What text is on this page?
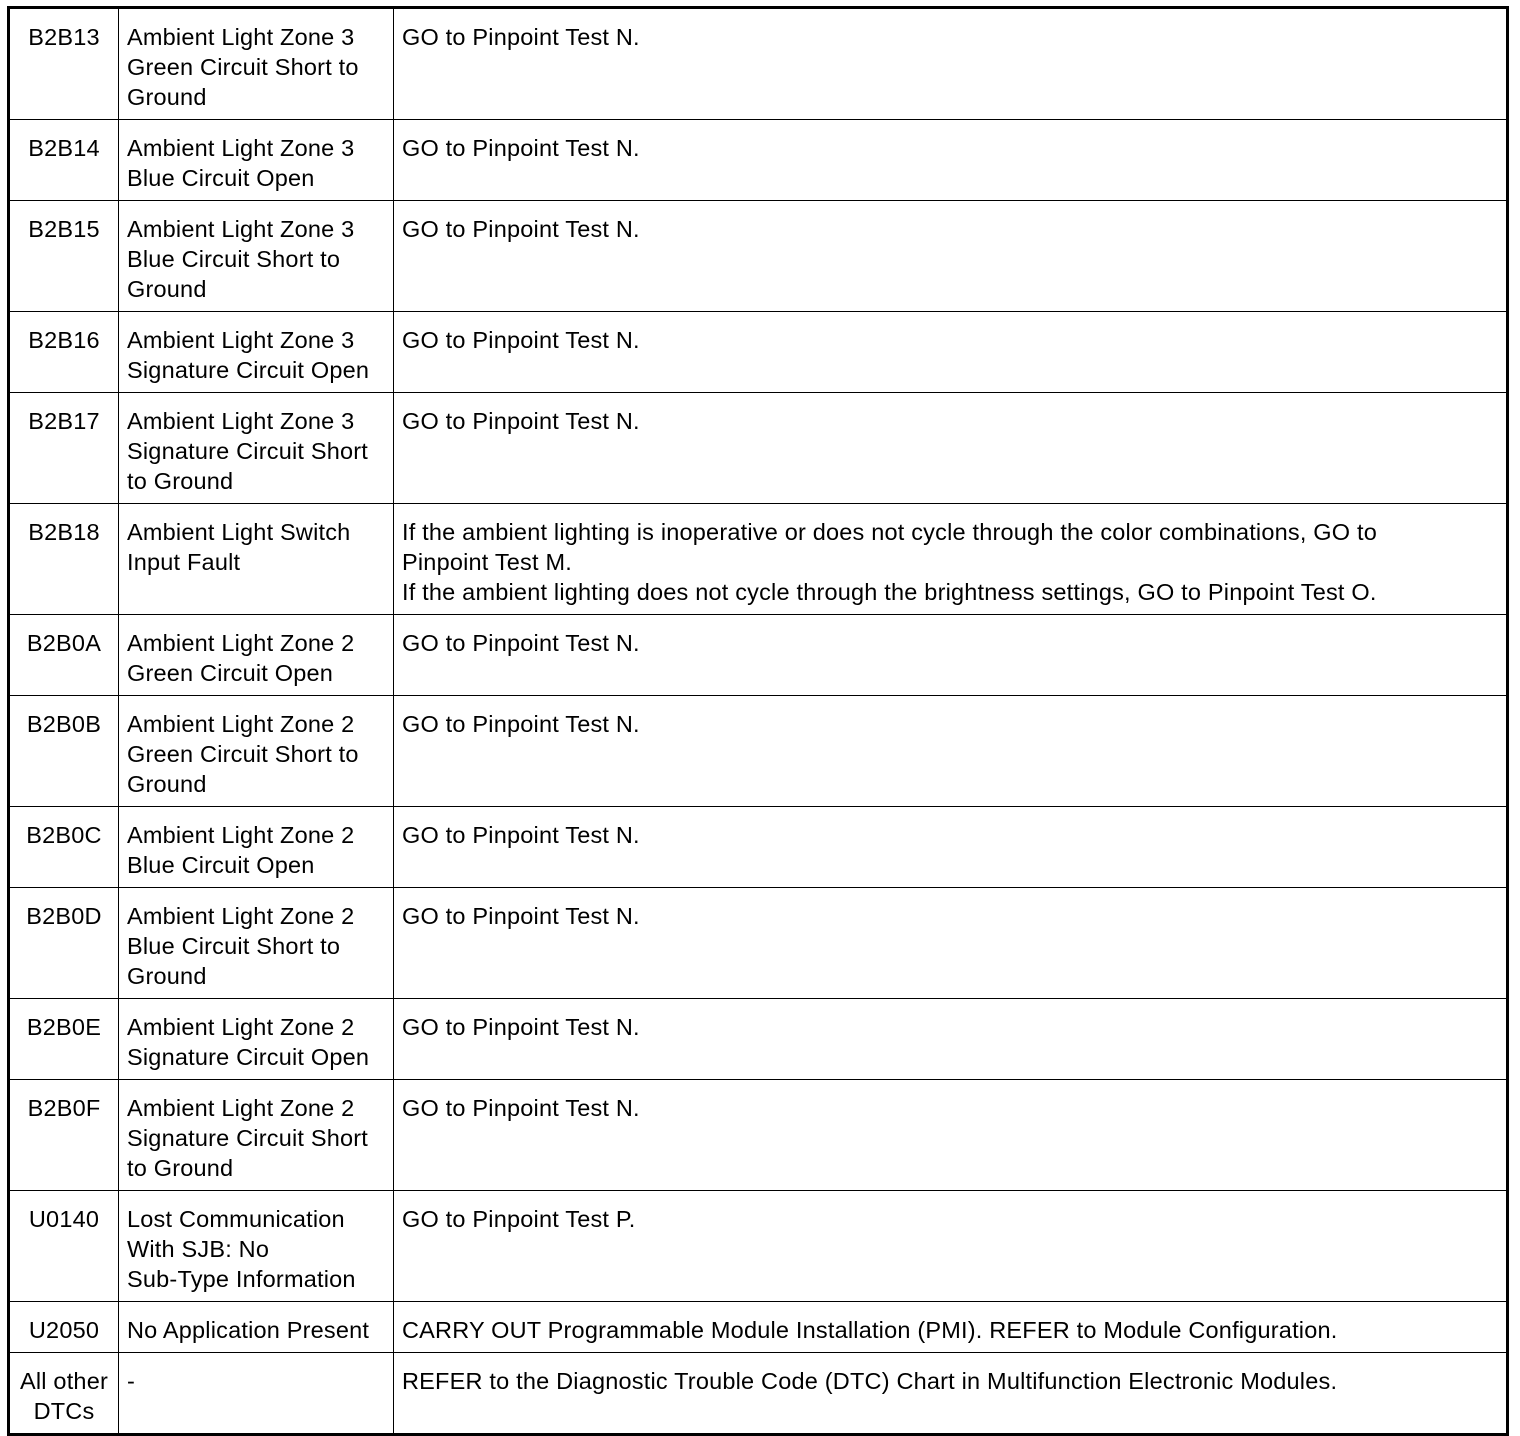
B2B13	Ambient Light Zone 3
Green Circuit Short to
Ground	GO to Pinpoint Test N.

B2B14	Ambient Light Zone 3
Blue Circuit Open	GO to Pinpoint Test N.

B2B15	Ambient Light Zone 3
Blue Circuit Short to
Ground	GO to Pinpoint Test N.

B2B16	Ambient Light Zone 3
Signature Circuit Open	GO to Pinpoint Test N.

B2B17	Ambient Light Zone 3
Signature Circuit Short
to Ground	GO to Pinpoint Test N.

B2B18	Ambient Light Switch
Input Fault	If the ambient lighting is inoperative or does not cycle through the color combinations, GO to
Pinpoint Test M.
If the ambient lighting does not cycle through the brightness settings, GO to Pinpoint Test O.

B2B0A	Ambient Light Zone 2
Green Circuit Open	GO to Pinpoint Test N.

B2B0B	Ambient Light Zone 2
Green Circuit Short to
Ground	GO to Pinpoint Test N.

B2B0C	Ambient Light Zone 2
Blue Circuit Open	GO to Pinpoint Test N.

B2B0D	Ambient Light Zone 2
Blue Circuit Short to
Ground	GO to Pinpoint Test N.

B2B0E	Ambient Light Zone 2
Signature Circuit Open	GO to Pinpoint Test N.

B2B0F	Ambient Light Zone 2
Signature Circuit Short
to Ground	GO to Pinpoint Test N.

U0140	Lost Communication
With SJB: No
Sub-Type Information	GO to Pinpoint Test P.

U2050	No Application Present	CARRY OUT Programmable Module Installation (PMI). REFER to Module Configuration.

All other
DTCs	-	REFER to the Diagnostic Trouble Code (DTC) Chart in Multifunction Electronic Modules.
